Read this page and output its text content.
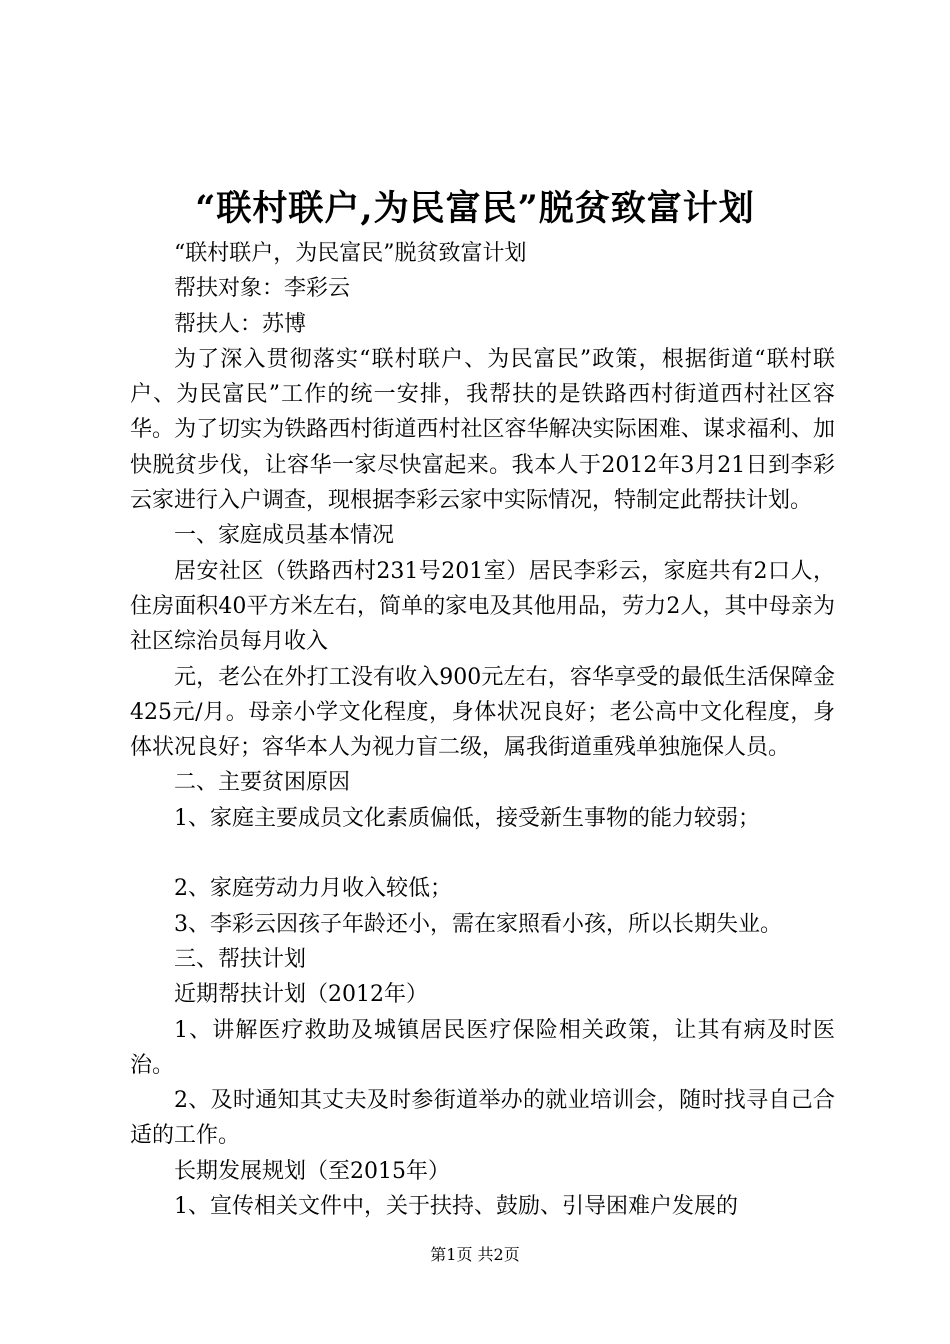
“联村联户,为民富民”脱贫致富计划

“联村联户，为民富民”脱贫致富计划

帮扶对象：李彩云

帮扶人：苏博

为了深入贯彻落实“联村联户、为民富民”政策，根据街道“联村联户、为民富民”工作的统一安排，我帮扶的是铁路西村街道西村社区容华。为了切实为铁路西村街道西村社区容华解决实际困难、谋求福利、加快脱贫步伐，让容华一家尽快富起来。我本人于2012年3月21日到李彩云家进行入户调查，现根据李彩云家中实际情况，特制定此帮扶计划。

一、家庭成员基本情况

居安社区（铁路西村231号201室）居民李彩云，家庭共有2口人，住房面积40平方米左右，简单的家电及其他用品，劳力2人，其中母亲为社区综治员每月收入

元，老公在外打工没有收入900元左右，容华享受的最低生活保障金425元/月。母亲小学文化程度，身体状况良好；老公高中文化程度，身体状况良好；容华本人为视力盲二级，属我街道重残单独施保人员。

二、主要贫困原因

1、家庭主要成员文化素质偏低，接受新生事物的能力较弱；

2、家庭劳动力月收入较低；

3、李彩云因孩子年龄还小，需在家照看小孩，所以长期失业。

三、帮扶计划

近期帮扶计划（2012年）

1、讲解医疗救助及城镇居民医疗保险相关政策，让其有病及时医治。

2、及时通知其丈夫及时参街道举办的就业培训会，随时找寻自己合适的工作。

长期发展规划（至2015年）

1、宣传相关文件中，关于扶持、鼓励、引导困难户发展的

第1页 共2页
